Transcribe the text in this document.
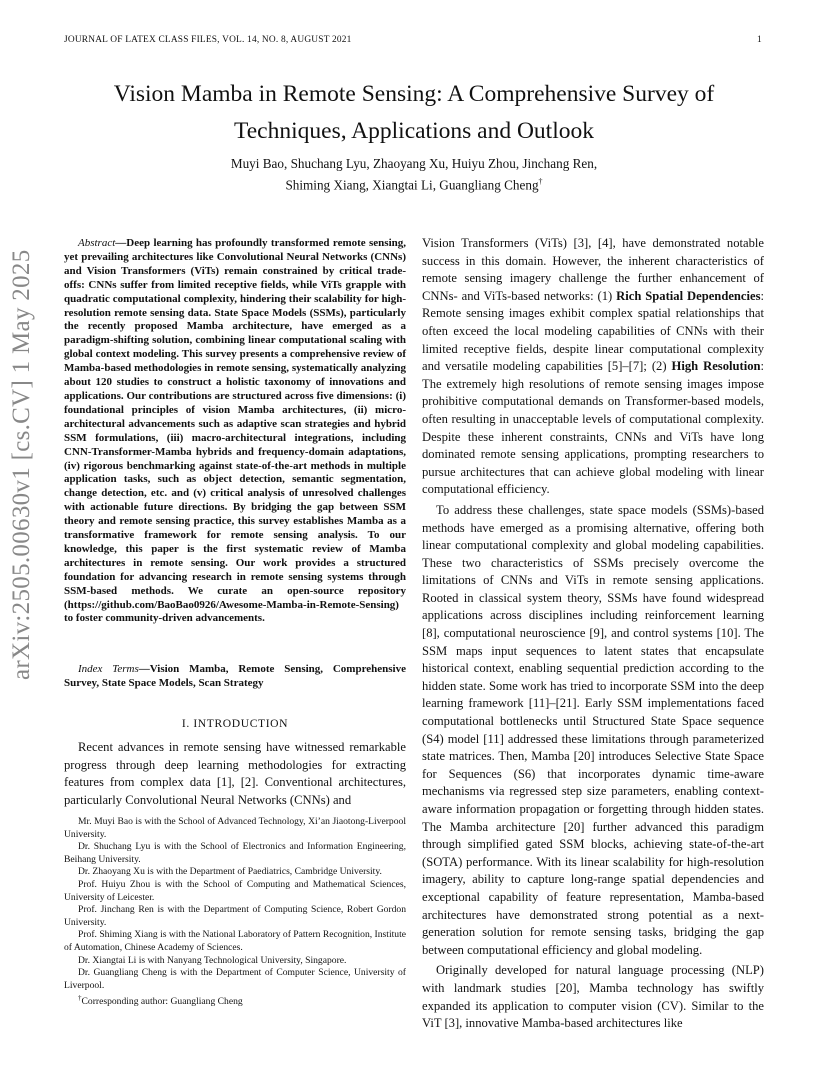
JOURNAL OF LATEX CLASS FILES, VOL. 14, NO. 8, AUGUST 2021	1
Vision Mamba in Remote Sensing: A Comprehensive Survey of Techniques, Applications and Outlook
Muyi Bao, Shuchang Lyu, Zhaoyang Xu, Huiyu Zhou, Jinchang Ren,
Shiming Xiang, Xiangtai Li, Guangliang Cheng†
arXiv:2505.00630v1 [cs.CV] 1 May 2025

Abstract—Deep learning has profoundly transformed remote sensing, yet prevailing architectures like Convolutional Neural Networks (CNNs) and Vision Transformers (ViTs) remain constrained by critical trade-offs: CNNs suffer from limited receptive fields, while ViTs grapple with quadratic computational complexity, hindering their scalability for high-resolution remote sensing data. State Space Models (SSMs), particularly the recently proposed Mamba architecture, have emerged as a paradigm-shifting solution, combining linear computational scaling with global context modeling. This survey presents a comprehensive review of Mamba-based methodologies in remote sensing, systematically analyzing about 120 studies to construct a holistic taxonomy of innovations and applications. Our contributions are structured across five dimensions: (i) foundational principles of vision Mamba architectures, (ii) micro-architectural advancements such as adaptive scan strategies and hybrid SSM formulations, (iii) macro-architectural integrations, including CNN-Transformer-Mamba hybrids and frequency-domain adaptations, (iv) rigorous benchmarking against state-of-the-art methods in multiple application tasks, such as object detection, semantic segmentation, change detection, etc. and (v) critical analysis of unresolved challenges with actionable future directions. By bridging the gap between SSM theory and remote sensing practice, this survey establishes Mamba as a transformative framework for remote sensing analysis. To our knowledge, this paper is the first systematic review of Mamba architectures in remote sensing. Our work provides a structured foundation for advancing research in remote sensing systems through SSM-based methods. We curate an open-source repository (https://github.com/BaoBao0926/Awesome-Mamba-in-Remote-Sensing) to foster community-driven advancements.

Index Terms—Vision Mamba, Remote Sensing, Comprehensive Survey, State Space Models, Scan Strategy

I. INTRODUCTION

Recent advances in remote sensing have witnessed remarkable progress through deep learning methodologies for extracting features from complex data [1], [2]. Conventional architectures, particularly Convolutional Neural Networks (CNNs) and

Mr. Muyi Bao is with the School of Advanced Technology, Xi’an Jiaotong-Liverpool University.

Dr. Shuchang Lyu is with the School of Electronics and Information Engineering, Beihang University.

Dr. Zhaoyang Xu is with the Department of Paediatrics, Cambridge University.

Prof. Huiyu Zhou is with the School of Computing and Mathematical Sciences, University of Leicester.

Prof. Jinchang Ren is with the Department of Computing Science, Robert Gordon University.

Prof. Shiming Xiang is with the National Laboratory of Pattern Recognition, Institute of Automation, Chinese Academy of Sciences.

Dr. Xiangtai Li is with Nanyang Technological University, Singapore.

Dr. Guangliang Cheng is with the Department of Computer Science, University of Liverpool.

†Corresponding author: Guangliang Cheng

Vision Transformers (ViTs) [3], [4], have demonstrated notable success in this domain. However, the inherent characteristics of remote sensing imagery challenge the further enhancement of CNNs- and ViTs-based networks: (1) Rich Spatial Dependencies: Remote sensing images exhibit complex spatial relationships that often exceed the local modeling capabilities of CNNs with their limited receptive fields, despite linear computational complexity and versatile modeling capabilities [5]–[7]; (2) High Resolution: The extremely high resolutions of remote sensing images impose prohibitive computational demands on Transformer-based models, often resulting in unacceptable levels of computational complexity. Despite these inherent constraints, CNNs and ViTs have long dominated remote sensing applications, prompting researchers to pursue architectures that can achieve global modeling with linear computational efficiency.

To address these challenges, state space models (SSMs)-based methods have emerged as a promising alternative, offering both linear computational complexity and global modeling capabilities. These two characteristics of SSMs precisely overcome the limitations of CNNs and ViTs in remote sensing applications. Rooted in classical system theory, SSMs have found widespread applications across disciplines including reinforcement learning [8], computational neuroscience [9], and control systems [10]. The SSM maps input sequences to latent states that encapsulate historical context, enabling sequential prediction according to the hidden state. Some work has tried to incorporate SSM into the deep learning framework [11]–[21]. Early SSM implementations faced computational bottlenecks until Structured State Space sequence (S4) model [11] addressed these limitations through parameterized state matrices. Then, Mamba [20] introduces Selective State Space for Sequences (S6) that incorporates dynamic time-aware mechanisms via regressed step size parameters, enabling context-aware information propagation or forgetting through hidden states. The Mamba architecture [20] further advanced this paradigm through simplified gated SSM blocks, achieving state-of-the-art (SOTA) performance. With its linear scalability for high-resolution imagery, ability to capture long-range spatial dependencies and exceptional capability of feature representation, Mamba-based architectures have demonstrated strong potential as a next-generation solution for remote sensing tasks, bridging the gap between computational efficiency and global modeling.

Originally developed for natural language processing (NLP) with landmark studies [20], Mamba technology has swiftly expanded its application to computer vision (CV). Similar to the ViT [3], innovative Mamba-based architectures like
